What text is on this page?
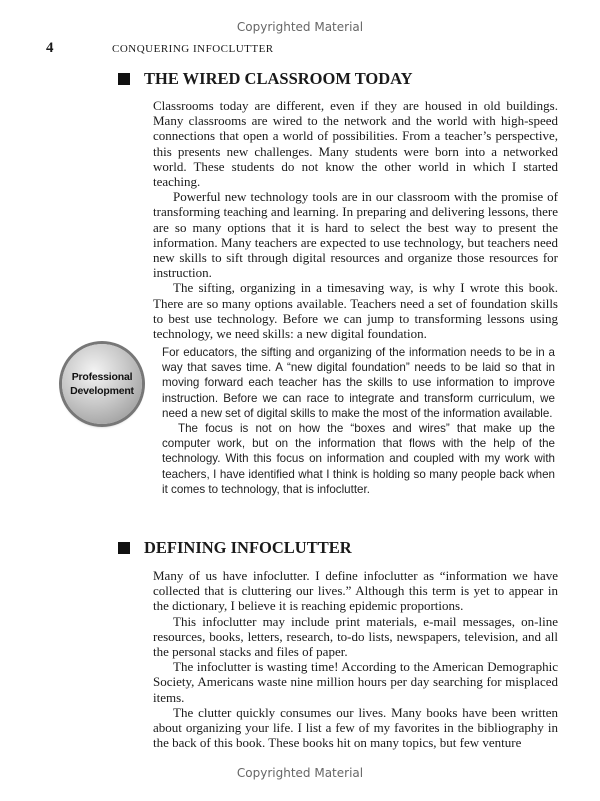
Copyrighted Material
4	CONQUERING INFOCLUTTER
THE WIRED CLASSROOM TODAY

Classrooms today are different, even if they are housed in old buildings. Many classrooms are wired to the network and the world with high-speed connections that open a world of possibilities. From a teacher’s perspective, this presents new challenges. Many students were born into a networked world. These students do not know the other world in which I started teaching.

Powerful new technology tools are in our classroom with the promise of transforming teaching and learning. In preparing and delivering lessons, there are so many options that it is hard to select the best way to present the information. Many teachers are expected to use technology, but teachers need new skills to sift through digital resources and organize those resources for instruction.

The sifting, organizing in a timesaving way, is why I wrote this book. There are so many options available. Teachers need a set of foundation skills to best use technology. Before we can jump to transforming lessons using technology, we need skills: a new digital foundation.

Professional
Development

For educators, the sifting and organizing of the information needs to be in a way that saves time. A “new digital foundation” needs to be laid so that in moving forward each teacher has the skills to use information to improve instruction. Before we can race to integrate and transform curriculum, we need a new set of digital skills to make the most of the information available.

The focus is not on how the “boxes and wires” that make up the computer work, but on the information that flows with the help of the technology. With this focus on information and coupled with my work with teachers, I have identified what I think is holding so many people back when it comes to technology, that is infoclutter.

DEFINING INFOCLUTTER

Many of us have infoclutter. I define infoclutter as “information we have collected that is cluttering our lives.” Although this term is yet to appear in the dictionary, I believe it is reaching epidemic proportions.

This infoclutter may include print materials, e-mail messages, on-line resources, books, letters, research, to-do lists, newspapers, television, and all the personal stacks and files of paper.

The infoclutter is wasting time! According to the American Demographic Society, Americans waste nine million hours per day searching for misplaced items.

The clutter quickly consumes our lives. Many books have been written about organizing your life. I list a few of my favorites in the bibliography in the back of this book. These books hit on many topics, but few venture

Copyrighted Material
